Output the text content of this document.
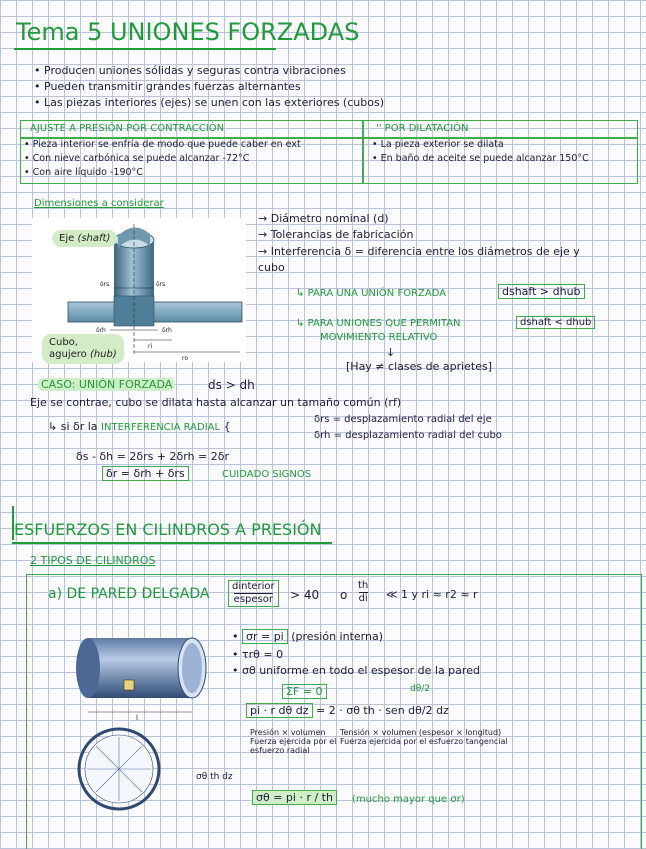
Tema 5 UNIONES FORZADAS
• Producen uniones sólidas y seguras contra vibraciones
• Pueden transmitir grandes fuerzas alternantes
• Las piezas interiores (ejes) se unen con las exteriores (cubos)
AJUSTE A PRESIÓN POR CONTRACCIÓN	'' POR DILATACIÓN
• Pieza interior se enfría de modo que puede caber en ext
• Con nieve carbónica se puede alcanzar -72°C
• Con aire líquido -190°C
• La pieza exterior se dilata
• En baño de aceite se puede alcanzar 150°C
Dimensiones a considerar
δrs	δrs
δrh	δrh
ri
ro
Eje (shaft)
Cubo,
agujero (hub)
→ Diámetro nominal (d)
→ Tolerancias de fabricación
→ Interferencia δ = diferencia entre los diámetros de eje y cubo
↳ PARA UNA UNIÓN FORZADA	dshaft > dhub
↳ PARA UNIONES QUE PERMITAN
MOVIMIENTO RELATIVO
dshaft < dhub
↓
[Hay ≠ clases de aprietes]
CASO: UNIÓN FORZADA	ds > dh
Eje se contrae, cubo se dilata hasta alcanzar un tamaño común (rf)
↳ si δr la INTERFERENCIA RADIAL {
δrs = desplazamiento radial del eje
δrh = desplazamiento radial del cubo
δs - δh = 2δrs + 2δrh = 2δr
δr = δrh + δrs	CUIDADO SIGNOS
ESFUERZOS EN CILINDROS A PRESIÓN
2 TIPOS DE CILINDROS
a) DE PARED DELGADA	dinterior
espesor	> 40 o
th
di ≪ 1 y ri ≈ r2 ≈ r
l
σθ th dz
• σr = pi (presión interna)
• τrθ = 0
• σθ uniforme en todo el espesor de la pared
ΣF = 0	dθ/2
pi · r dθ dz = 2 · σθ th · sen dθ/2 dz
Presión × volumen
Fuerza ejercida por el esfuerzo radial
Tensión × volumen (espesor × longitud)
Fuerza ejercida por el esfuerzo tangencial
σθ = pi · r / th	(mucho mayor que σr)
